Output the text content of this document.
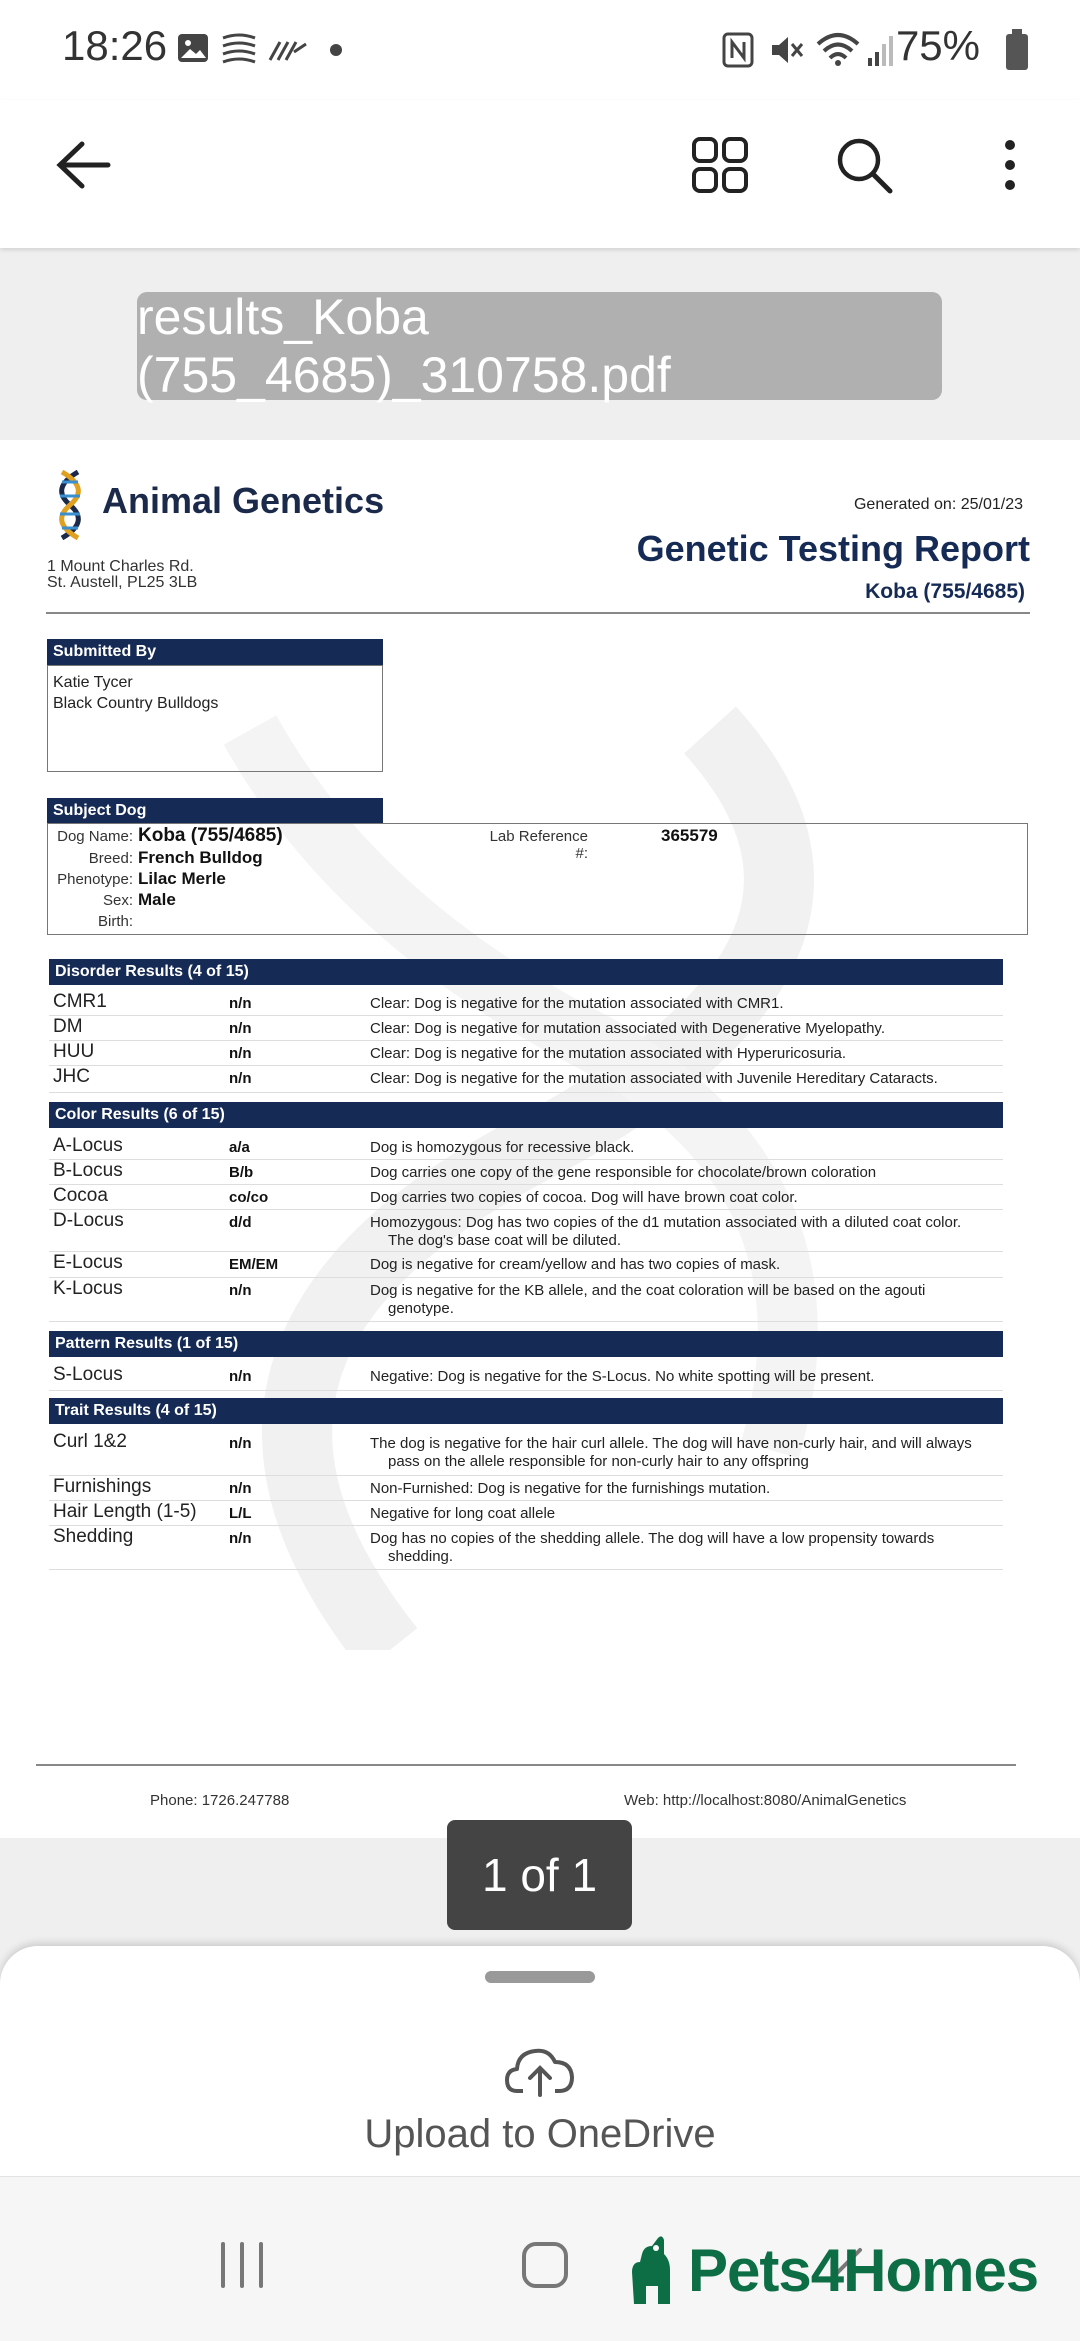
18:26	75%
results_Koba (755_4685)_310758.pdf
Animal Genetics
1 Mount Charles Rd.
St. Austell, PL25 3LB
Generated on: 25/01/23
Genetic Testing Report
Koba (755/4685)
Submitted By
Katie Tycer
Black Country Bulldogs
Subject Dog
Dog Name: Koba (755/4685)
Breed: French Bulldog
Phenotype: Lilac Merle
Sex: Male
Birth:
Lab Reference #:
365579
Disorder Results (4 of 15)
CMR1	n/n	Clear: Dog is negative for the mutation associated with CMR1.
DM	n/n	Clear: Dog is negative for mutation associated with Degenerative Myelopathy.
HUU	n/n	Clear: Dog is negative for the mutation associated with Hyperuricosuria.
JHC	n/n	Clear: Dog is negative for the mutation associated with Juvenile Hereditary Cataracts.
Color Results (6 of 15)
A-Locus	a/a	Dog is homozygous for recessive black.
B-Locus	B/b	Dog carries one copy of the gene responsible for chocolate/brown coloration
Cocoa	co/co	Dog carries two copies of cocoa. Dog will have brown coat color.
D-Locus	d/d	Homozygous: Dog has two copies of the d1 mutation associated with a diluted coat color.
The dog's base coat will be diluted.
E-Locus	EM/EM	Dog is negative for cream/yellow and has two copies of mask.
K-Locus	n/n	Dog is negative for the KB allele, and the coat coloration will be based on the agouti
genotype.
Pattern Results (1 of 15)
S-Locus	n/n	Negative: Dog is negative for the S-Locus. No white spotting will be present.
Trait Results (4 of 15)
Curl 1&2	n/n	The dog is negative for the hair curl allele. The dog will have non-curly hair, and will always
pass on the allele responsible for non-curly hair to any offspring
Furnishings	n/n	Non-Furnished: Dog is negative for the furnishings mutation.
Hair Length (1-5) L/L	Negative for long coat allele
Shedding	n/n	Dog has no copies of the shedding allele. The dog will have a low propensity towards
shedding.
Phone: 1726.247788	Web: http://localhost:8080/AnimalGenetics
1 of 1
Upload to OneDrive
Pets4Homes
